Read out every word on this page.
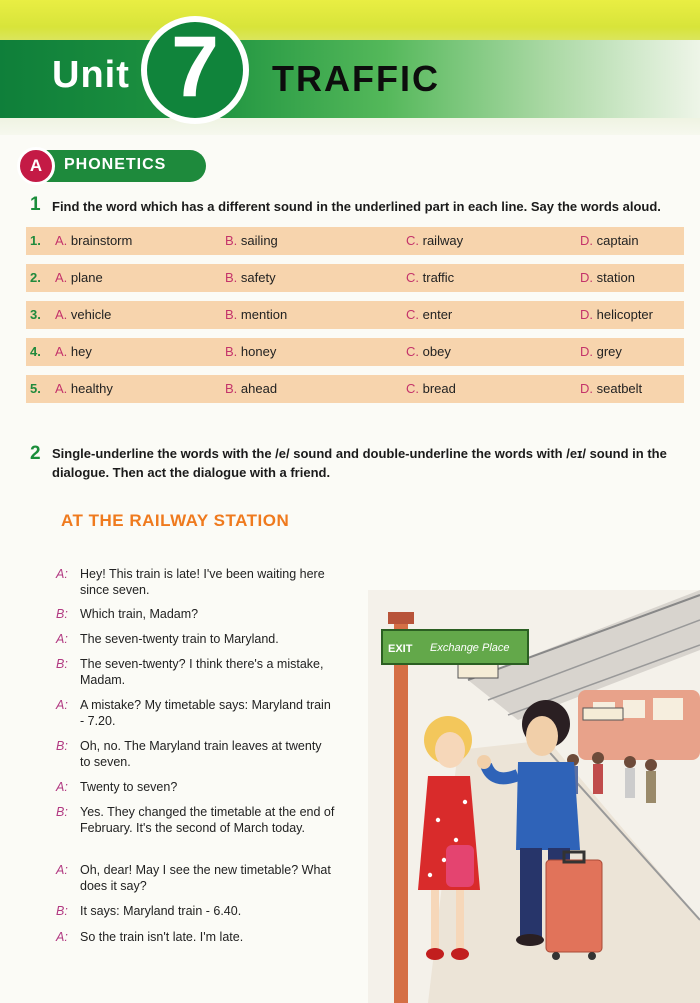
Unit 7	TRAFFIC
A	PHONETICS
1 Find the word which has a different sound in the underlined part in each line. Say the words aloud.
1. A. brainstorm	B. sailing	C. railway	D. captain
2. A. plane	B. safety	C. traffic	D. station
3. A. vehicle	B. mention	C. enter	D. helicopter
4. A. hey	B. honey	C. obey	D. grey
5. A. healthy	B. ahead	C. bread	D. seatbelt
2 Single-underline the words with the /e/ sound and double-underline the words with /eɪ/ sound in the dialogue. Then act the dialogue with a friend.
AT THE RAILWAY STATION
A: Hey! This train is late! I've been waiting here since seven.
B: Which train, Madam?
A: The seven-twenty train to Maryland.
B: The seven-twenty? I think there's a mistake, Madam.
A: A mistake? My timetable says: Maryland train - 7.20.
B: Oh, no. The Maryland train leaves at twenty to seven.
A: Twenty to seven?
B: Yes. They changed the timetable at the end of February. It's the second of March today.
A: Oh, dear! May I see the new timetable? What does it say?
B: It says: Maryland train - 6.40.
A: So the train isn't late. I'm late.
EXIT Exchange Place
